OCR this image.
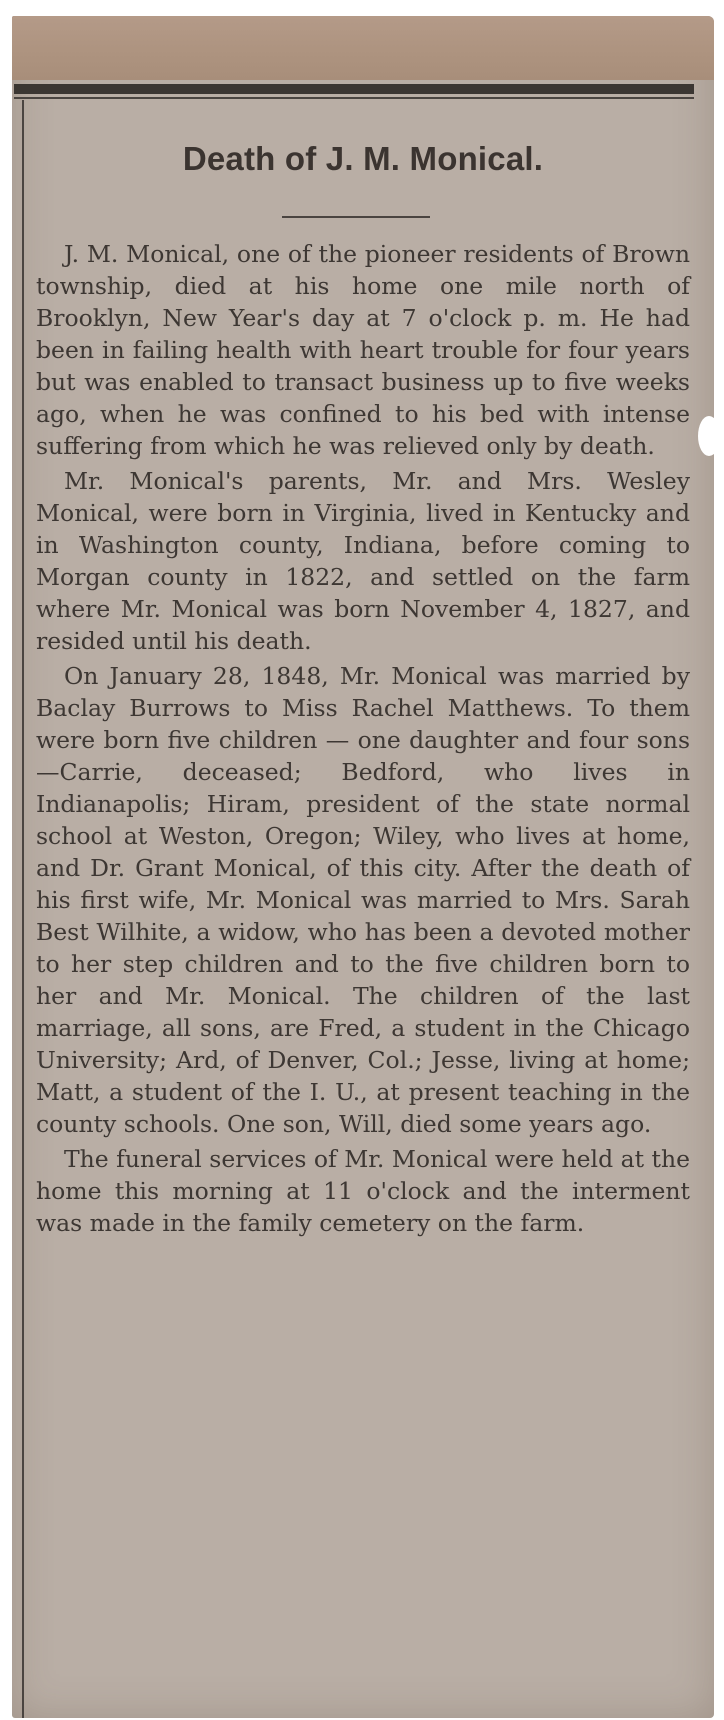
Death of J. M. Monical.

J. M. Monical, one of the pioneer residents of Brown township, died at his home one mile north of Brooklyn, New Year's day at 7 o'clock p. m. He had been in failing health with heart trouble for four years but was enabled to transact business up to five weeks ago, when he was confined to his bed with intense suffering from which he was relieved only by death.

Mr. Monical's parents, Mr. and Mrs. Wesley Monical, were born in Virginia, lived in Kentucky and in Washington county, Indiana, before coming to Morgan county in 1822, and settled on the farm where Mr. Monical was born November 4, 1827, and resided until his death.

On January 28, 1848, Mr. Monical was married by Baclay Burrows to Miss Rachel Matthews. To them were born five children — one daughter and four sons—Carrie, deceased; Bedford, who lives in Indianapolis; Hiram, president of the state normal school at Weston, Oregon; Wiley, who lives at home, and Dr. Grant Monical, of this city. After the death of his first wife, Mr. Monical was married to Mrs. Sarah Best Wilhite, a widow, who has been a devoted mother to her step children and to the five children born to her and Mr. Monical. The children of the last marriage, all sons, are Fred, a student in the Chicago University; Ard, of Denver, Col.; Jesse, living at home; Matt, a student of the I. U., at present teaching in the county schools. One son, Will, died some years ago.

The funeral services of Mr. Monical were held at the home this morning at 11 o'clock and the interment was made in the family cemetery on the farm.
